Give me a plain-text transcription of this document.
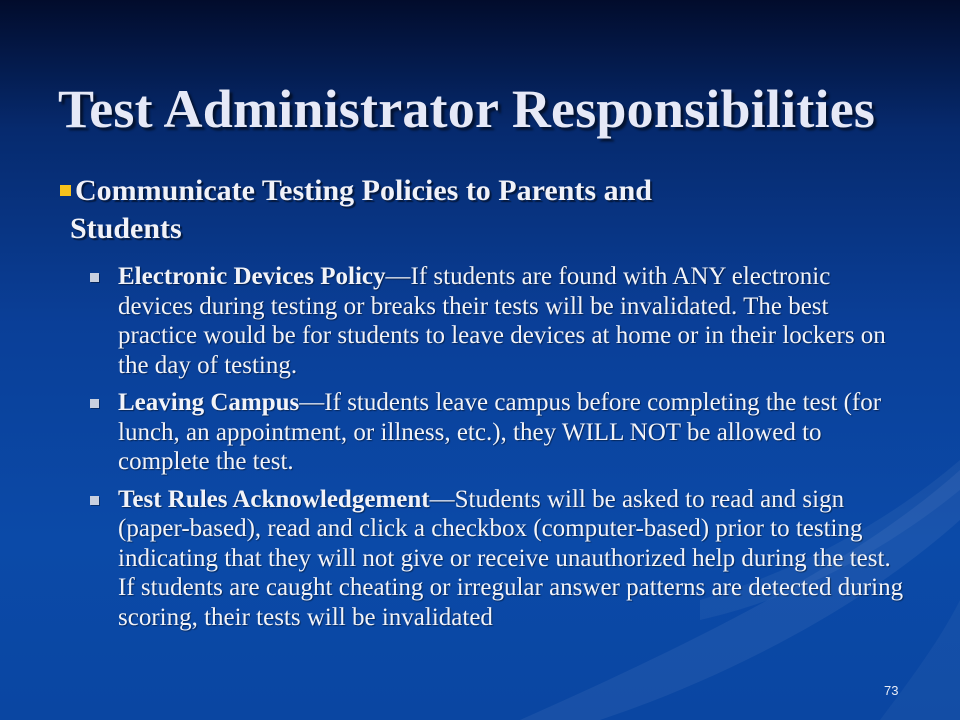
Test Administrator Responsibilities
Communicate Testing Policies to Parents and
Students

Electronic Devices Policy—If students are found with ANY electronic devices during testing or breaks their tests will be invalidated. The best practice would be for students to leave devices at home or in their lockers on the day of testing.

Leaving Campus—If students leave campus before completing the test (for lunch, an appointment, or illness, etc.), they WILL NOT be allowed to complete the test.

Test Rules Acknowledgement—Students will be asked to read and sign (paper-based), read and click a checkbox (computer-based) prior to testing indicating that they will not give or receive unauthorized help during the test. If students are caught cheating or irregular answer patterns are detected during scoring, their tests will be invalidated

73
